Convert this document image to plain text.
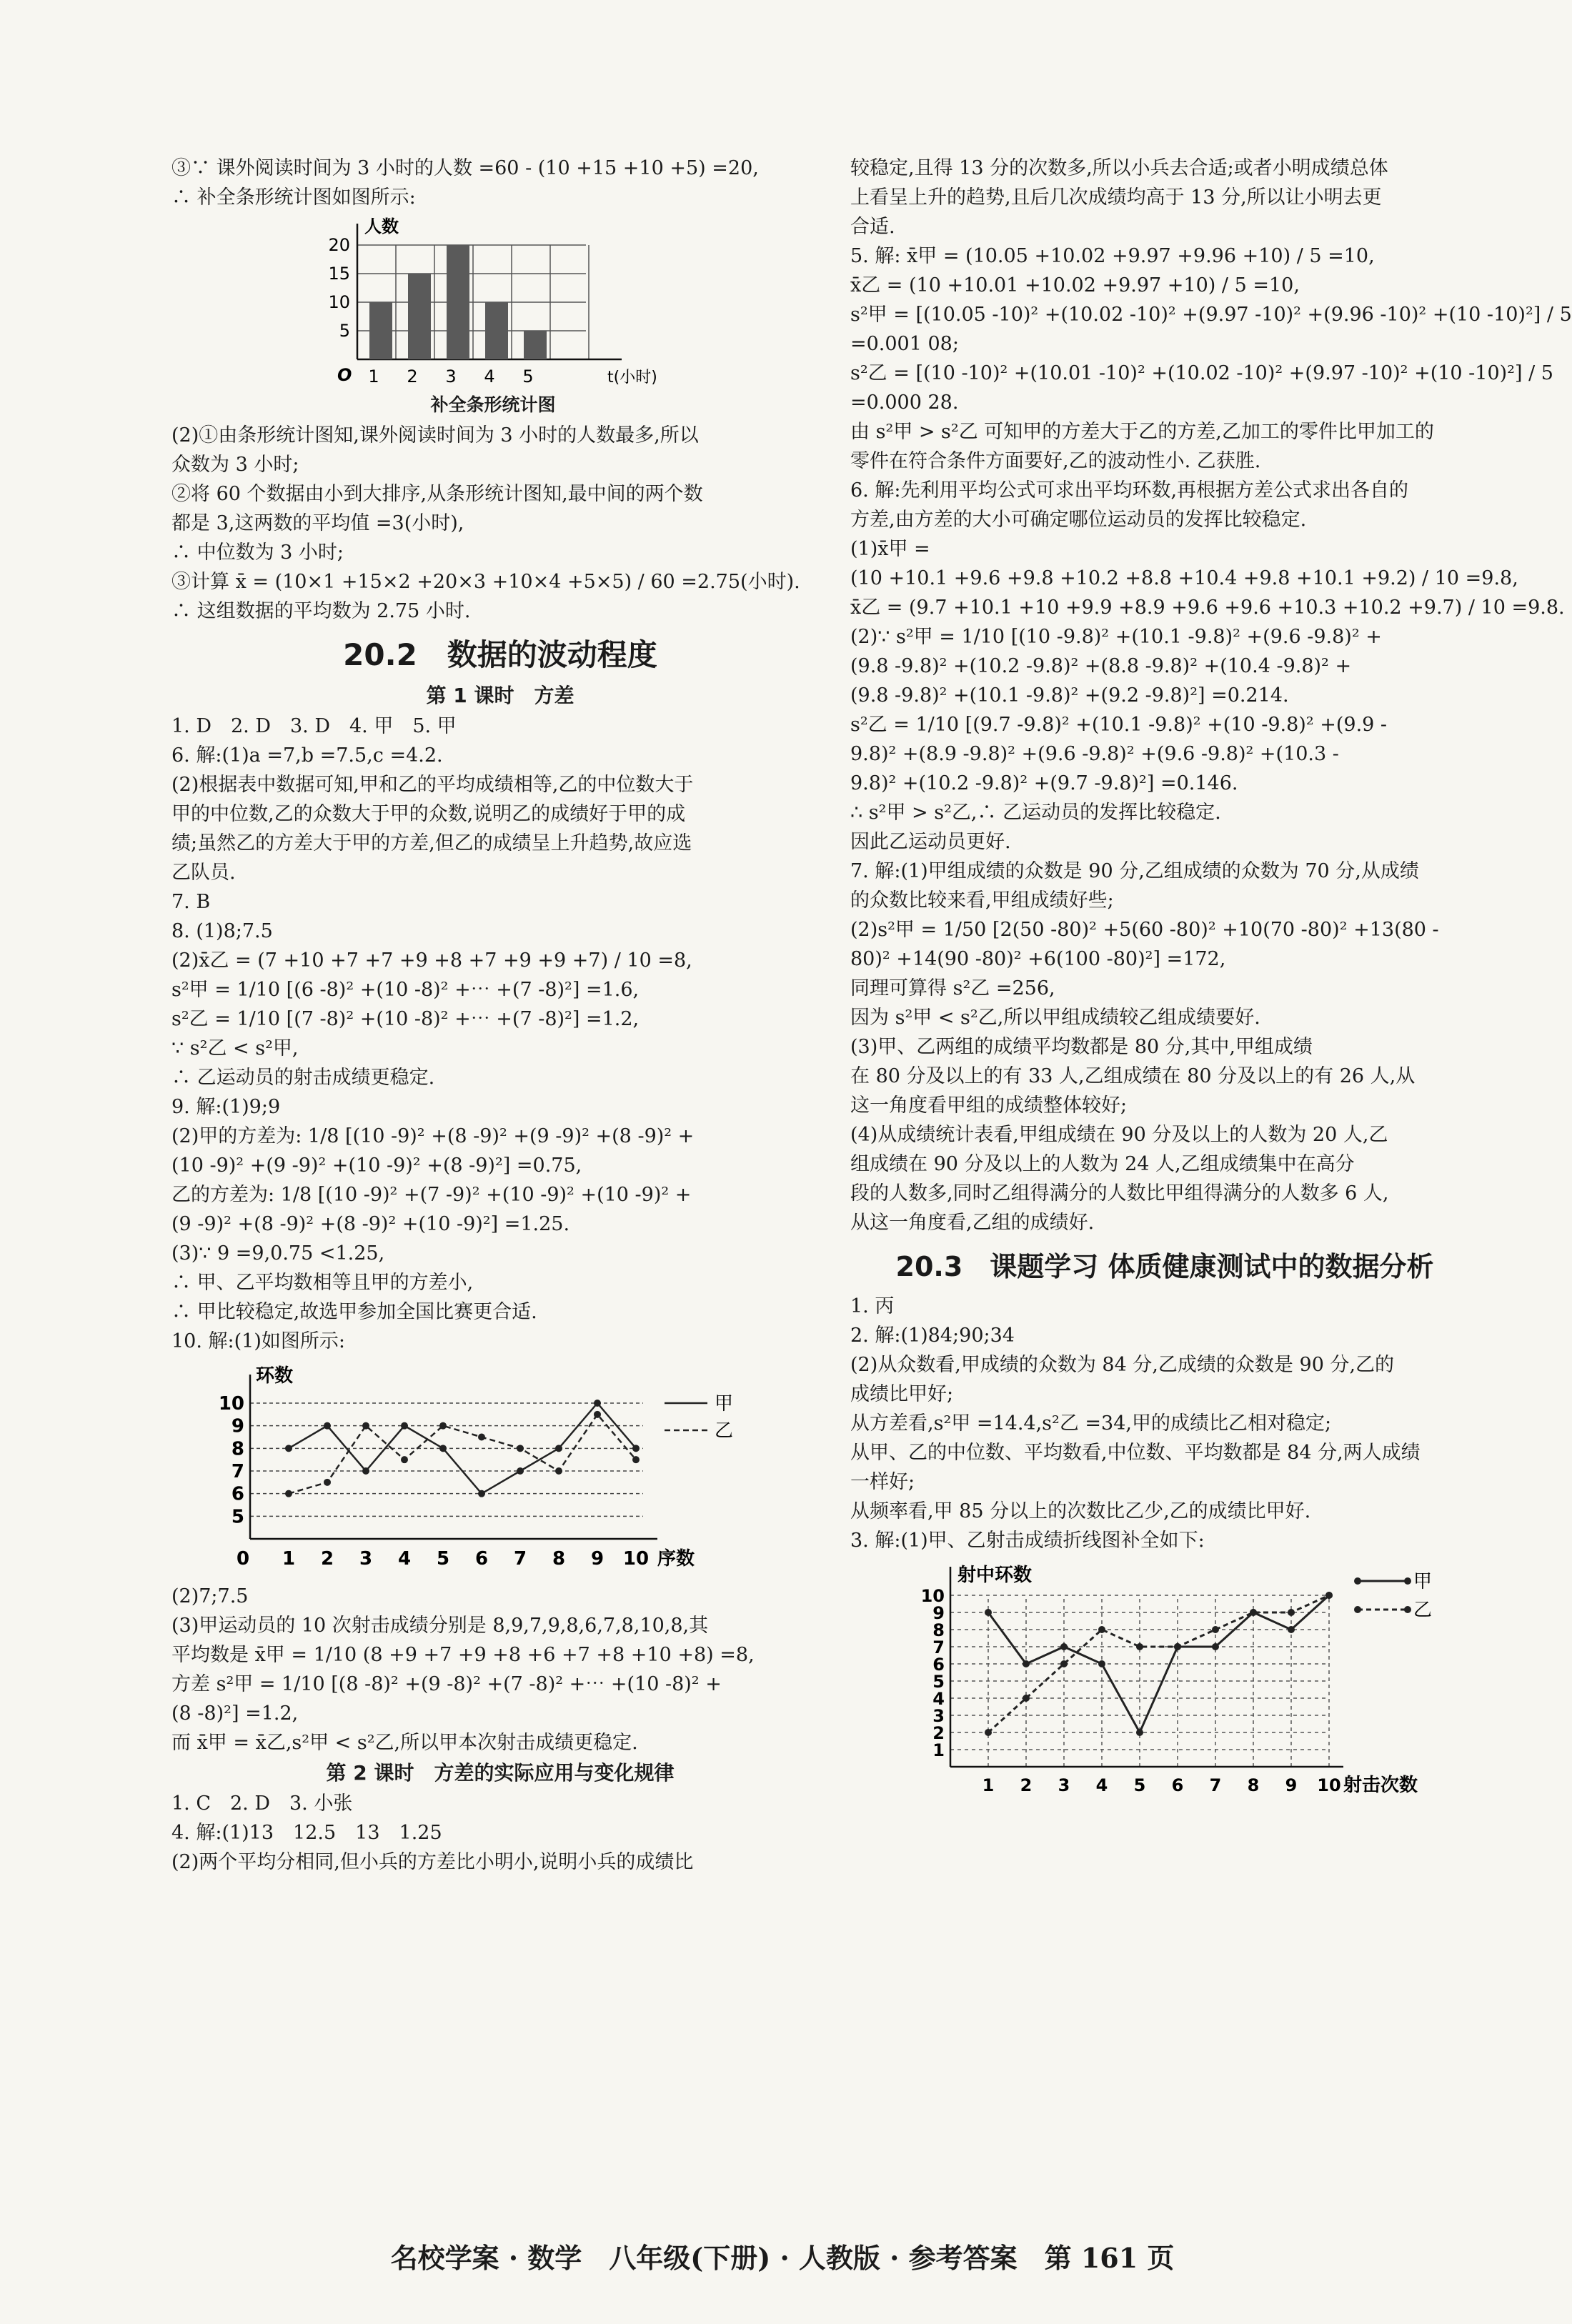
③∵ 课外阅读时间为 3 小时的人数 =60 - (10 +15 +10 +5) =20,
∴ 补全条形统计图如图所示:
人数
t(小时)
O
5
10
15
20
1 2 3 4 5
补全条形统计图
(2)①由条形统计图知,课外阅读时间为 3 小时的人数最多,所以
众数为 3 小时;
②将 60 个数据由小到大排序,从条形统计图知,最中间的两个数
都是 3,这两数的平均值 =3(小时),
∴ 中位数为 3 小时;
③计算 x̄ = (10×1 +15×2 +20×3 +10×4 +5×5) / 60 =2.75(小时).
∴ 这组数据的平均数为 2.75 小时.
20.2　数据的波动程度
第 1 课时　方差
1. D　2. D　3. D　4. 甲　5. 甲
6. 解:(1)a =7,b =7.5,c =4.2.
(2)根据表中数据可知,甲和乙的平均成绩相等,乙的中位数大于
甲的中位数,乙的众数大于甲的众数,说明乙的成绩好于甲的成
绩;虽然乙的方差大于甲的方差,但乙的成绩呈上升趋势,故应选
乙队员.
7. B
8. (1)8;7.5
(2)x̄乙 = (7 +10 +7 +7 +9 +8 +7 +9 +9 +7) / 10 =8,
s²甲 = 1/10 [(6 -8)² +(10 -8)² +⋯ +(7 -8)²] =1.6,
s²乙 = 1/10 [(7 -8)² +(10 -8)² +⋯ +(7 -8)²] =1.2,
∵ s²乙 < s²甲,
∴ 乙运动员的射击成绩更稳定.
9. 解:(1)9;9
(2)甲的方差为: 1/8 [(10 -9)² +(8 -9)² +(9 -9)² +(8 -9)² +
(10 -9)² +(9 -9)² +(10 -9)² +(8 -9)²] =0.75,
乙的方差为: 1/8 [(10 -9)² +(7 -9)² +(10 -9)² +(10 -9)² +
(9 -9)² +(8 -9)² +(8 -9)² +(10 -9)²] =1.25.
(3)∵ 9 =9,0.75 <1.25,
∴ 甲、乙平均数相等且甲的方差小,
∴ 甲比较稳定,故选甲参加全国比赛更合适.
10. 解:(1)如图所示:
环数
序数
0
5
6
7
8
9
10
1 2 3 4 5 6 7 8 9 10
甲
乙
(2)7;7.5
(3)甲运动员的 10 次射击成绩分别是 8,9,7,9,8,6,7,8,10,8,其
平均数是 x̄甲 = 1/10 (8 +9 +7 +9 +8 +6 +7 +8 +10 +8) =8,
方差 s²甲 = 1/10 [(8 -8)² +(9 -8)² +(7 -8)² +⋯ +(10 -8)² +
(8 -8)²] =1.2,
而 x̄甲 = x̄乙,s²甲 < s²乙,所以甲本次射击成绩更稳定.
第 2 课时　方差的实际应用与变化规律
1. C　2. D　3. 小张
4. 解:(1)13　12.5　13　1.25
(2)两个平均分相同,但小兵的方差比小明小,说明小兵的成绩比
较稳定,且得 13 分的次数多,所以小兵去合适;或者小明成绩总体
上看呈上升的趋势,且后几次成绩均高于 13 分,所以让小明去更
合适.
5. 解: x̄甲 = (10.05 +10.02 +9.97 +9.96 +10) / 5 =10,
x̄乙 = (10 +10.01 +10.02 +9.97 +10) / 5 =10,
s²甲 = [(10.05 -10)² +(10.02 -10)² +(9.97 -10)² +(9.96 -10)² +(10 -10)²] / 5
=0.001 08;
s²乙 = [(10 -10)² +(10.01 -10)² +(10.02 -10)² +(9.97 -10)² +(10 -10)²] / 5
=0.000 28.
由 s²甲 > s²乙 可知甲的方差大于乙的方差,乙加工的零件比甲加工的
零件在符合条件方面要好,乙的波动性小. 乙获胜.
6. 解:先利用平均公式可求出平均环数,再根据方差公式求出各自的
方差,由方差的大小可确定哪位运动员的发挥比较稳定.
(1)x̄甲 =
(10 +10.1 +9.6 +9.8 +10.2 +8.8 +10.4 +9.8 +10.1 +9.2) / 10 =9.8,
x̄乙 = (9.7 +10.1 +10 +9.9 +8.9 +9.6 +9.6 +10.3 +10.2 +9.7) / 10 =9.8.
(2)∵ s²甲 = 1/10 [(10 -9.8)² +(10.1 -9.8)² +(9.6 -9.8)² +
(9.8 -9.8)² +(10.2 -9.8)² +(8.8 -9.8)² +(10.4 -9.8)² +
(9.8 -9.8)² +(10.1 -9.8)² +(9.2 -9.8)²] =0.214.
s²乙 = 1/10 [(9.7 -9.8)² +(10.1 -9.8)² +(10 -9.8)² +(9.9 -
9.8)² +(8.9 -9.8)² +(9.6 -9.8)² +(9.6 -9.8)² +(10.3 -
9.8)² +(10.2 -9.8)² +(9.7 -9.8)²] =0.146.
∴ s²甲 > s²乙,∴ 乙运动员的发挥比较稳定.
因此乙运动员更好.
7. 解:(1)甲组成绩的众数是 90 分,乙组成绩的众数为 70 分,从成绩
的众数比较来看,甲组成绩好些;
(2)s²甲 = 1/50 [2(50 -80)² +5(60 -80)² +10(70 -80)² +13(80 -
80)² +14(90 -80)² +6(100 -80)²] =172,
同理可算得 s²乙 =256,
因为 s²甲 < s²乙,所以甲组成绩较乙组成绩要好.
(3)甲、乙两组的成绩平均数都是 80 分,其中,甲组成绩
在 80 分及以上的有 33 人,乙组成绩在 80 分及以上的有 26 人,从
这一角度看甲组的成绩整体较好;
(4)从成绩统计表看,甲组成绩在 90 分及以上的人数为 20 人,乙
组成绩在 90 分及以上的人数为 24 人,乙组成绩集中在高分
段的人数多,同时乙组得满分的人数比甲组得满分的人数多 6 人,
从这一角度看,乙组的成绩好.
20.3　课题学习 体质健康测试中的数据分析
1. 丙
2. 解:(1)84;90;34
(2)从众数看,甲成绩的众数为 84 分,乙成绩的众数是 90 分,乙的
成绩比甲好;
从方差看,s²甲 =14.4,s²乙 =34,甲的成绩比乙相对稳定;
从甲、乙的中位数、平均数看,中位数、平均数都是 84 分,两人成绩
一样好;
从频率看,甲 85 分以上的次数比乙少,乙的成绩比甲好.
3. 解:(1)甲、乙射击成绩折线图补全如下:
射中环数
射击次数
1
2
3
4
5
6
7
8
9
10
1 2 3 4 5 6 7 8 9 10
甲
乙
名校学案 · 数学　八年级(下册) · 人教版 · 参考答案　第 161 页
